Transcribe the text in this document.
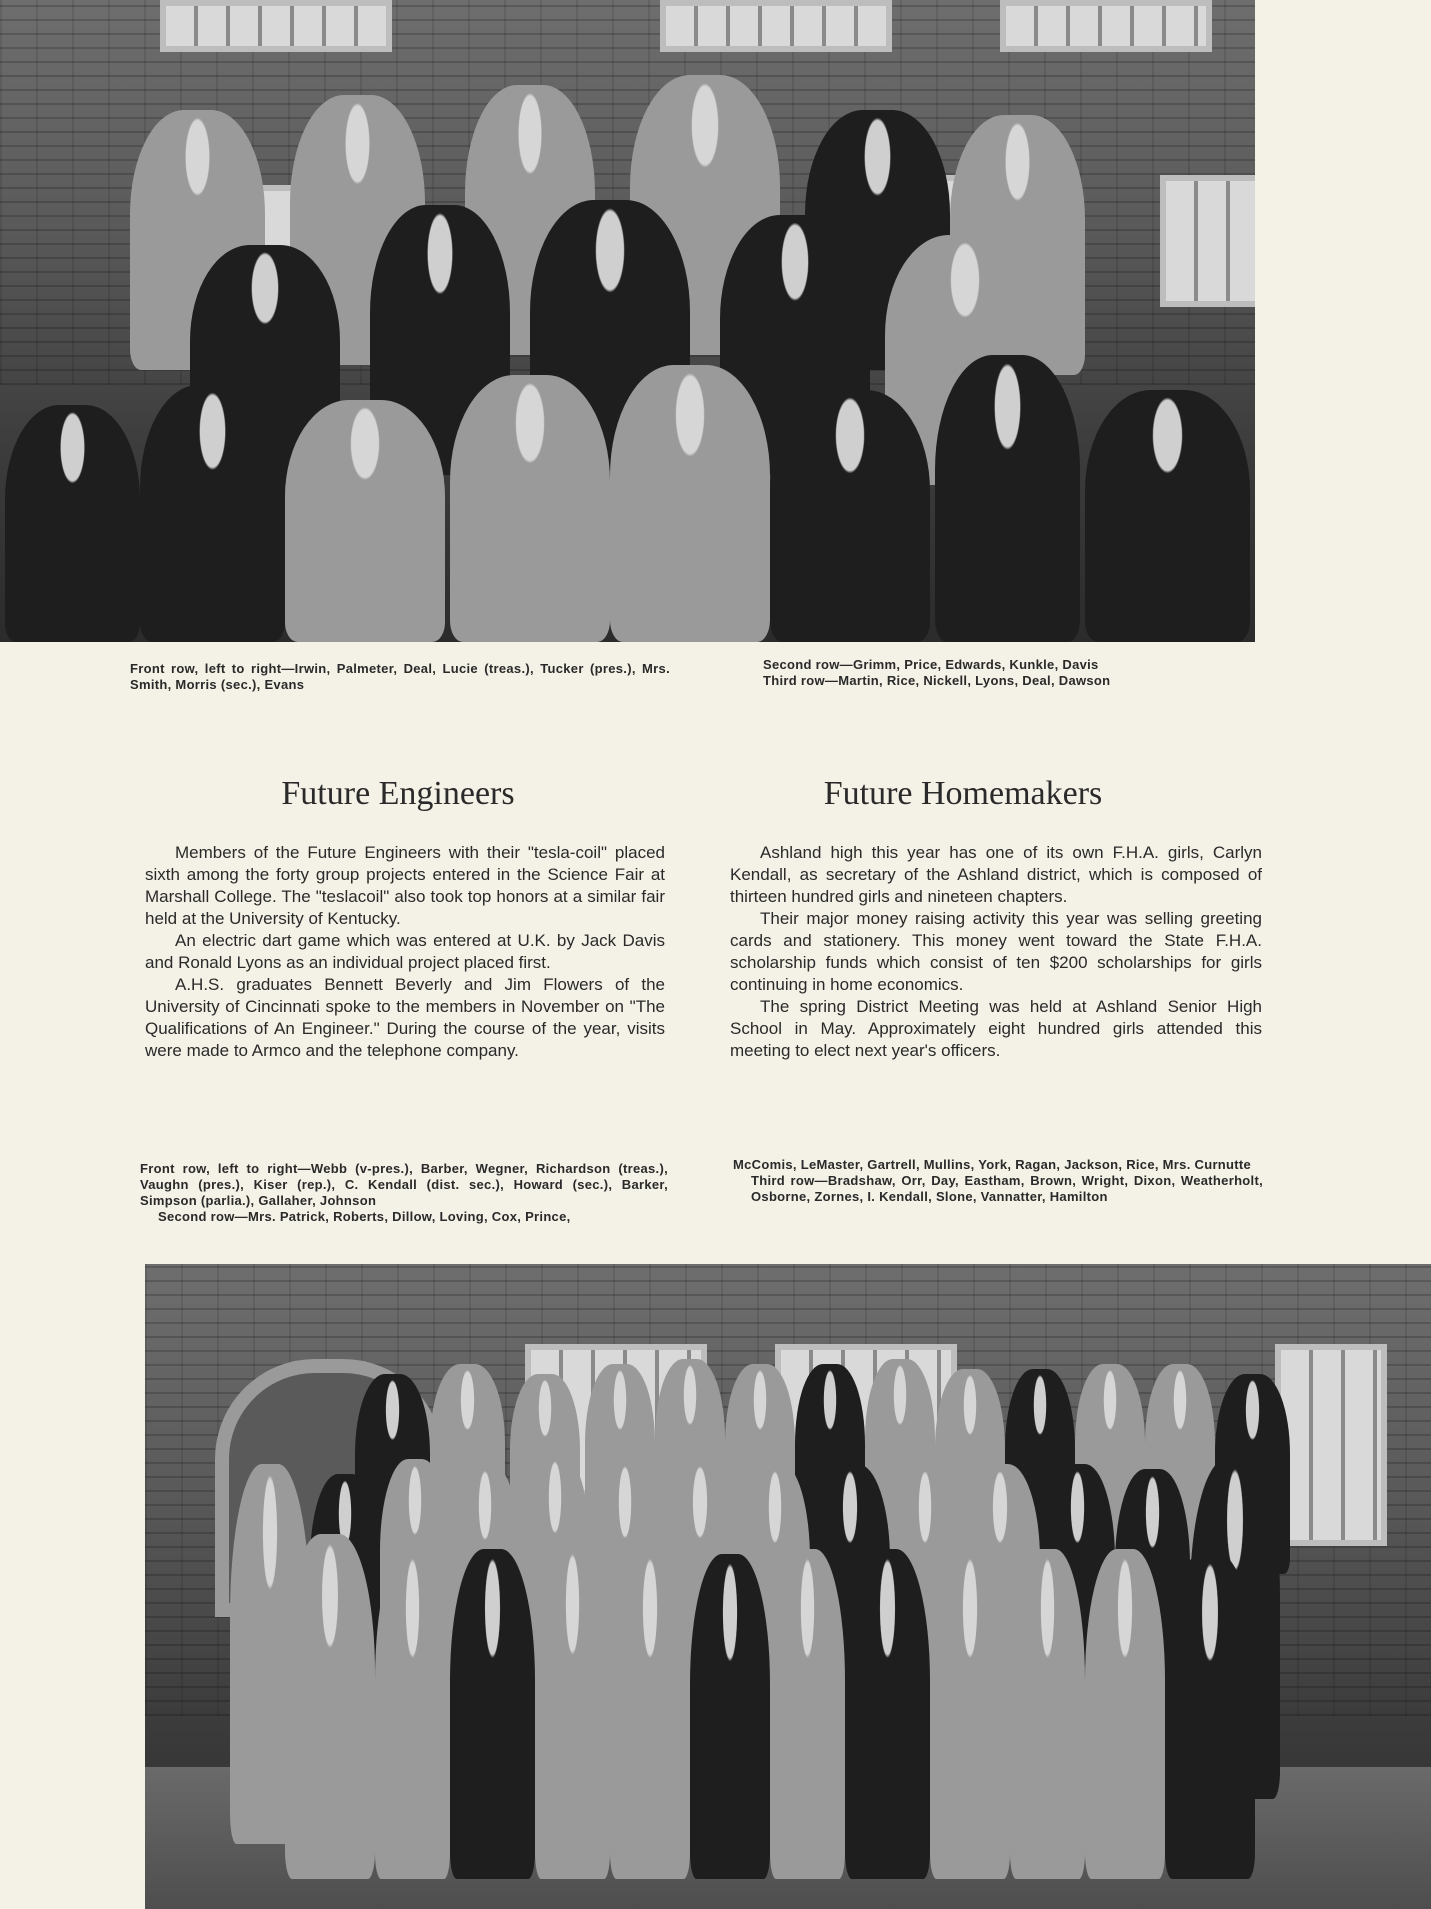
Front row, left to right—Irwin, Palmeter, Deal, Lucie (treas.), Tucker (pres.), Mrs. Smith, Morris (sec.), Evans

Second row—Grimm, Price, Edwards, Kunkle, Davis

Third row—Martin, Rice, Nickell, Lyons, Deal, Dawson

Future Engineers	Future Homemakers

Members of the Future Engineers with their "tesla-coil" placed sixth among the forty group projects entered in the Science Fair at Marshall College. The "teslacoil" also took top honors at a similar fair held at the University of Kentucky.

An electric dart game which was entered at U.K. by Jack Davis and Ronald Lyons as an individual project placed first.

A.H.S. graduates Bennett Beverly and Jim Flowers of the University of Cincinnati spoke to the members in November on "The Qualifications of An Engineer." During the course of the year, visits were made to Armco and the telephone company.

Ashland high this year has one of its own F.H.A. girls, Carlyn Kendall, as secretary of the Ashland district, which is composed of thirteen hundred girls and nineteen chapters.

Their major money raising activity this year was selling greeting cards and stationery. This money went toward the State F.H.A. scholarship funds which consist of ten $200 scholarships for girls continuing in home economics.

The spring District Meeting was held at Ashland Senior High School in May. Approximately eight hundred girls attended this meeting to elect next year's officers.

Front row, left to right—Webb (v-pres.), Barber, Wegner, Richardson (treas.), Vaughn (pres.), Kiser (rep.), C. Kendall (dist. sec.), Howard (sec.), Barker, Simpson (parlia.), Gallaher, Johnson

Second row—Mrs. Patrick, Roberts, Dillow, Loving, Cox, Prince,

McComis, LeMaster, Gartrell, Mullins, York, Ragan, Jackson, Rice, Mrs. Curnutte

Third row—Bradshaw, Orr, Day, Eastham, Brown, Wright, Dixon, Weatherholt, Osborne, Zornes, I. Kendall, Slone, Vannatter, Hamilton
